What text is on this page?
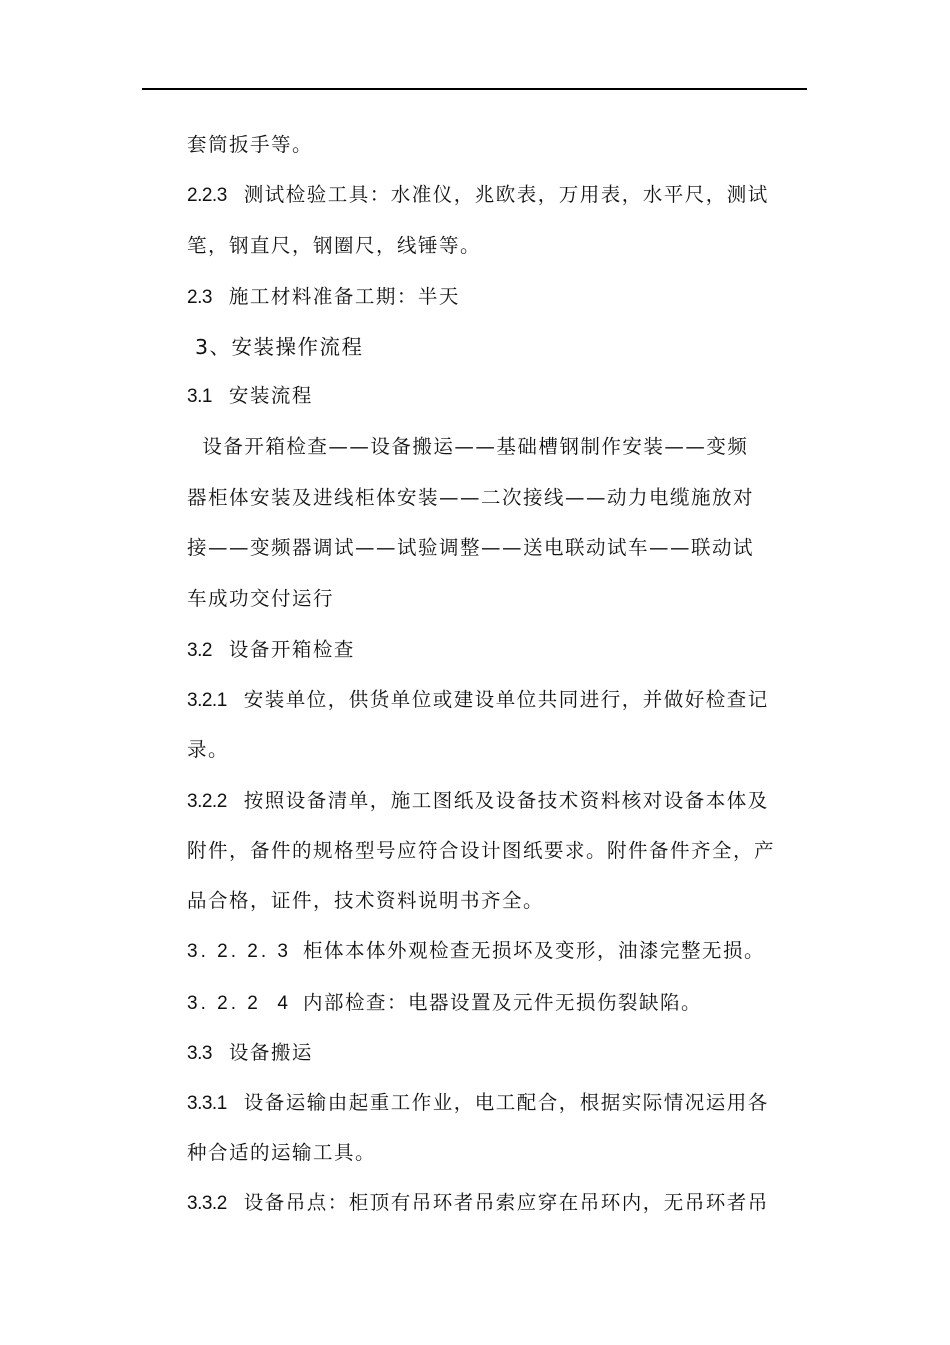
套筒扳手等。
2.2.3 测试检验工具：水准仪，兆欧表，万用表，水平尺，测试
笔，钢直尺，钢圈尺，线锤等。
2.3 施工材料准备工期：半天
3、安装操作流程
3.1 安装流程
设备开箱检查——设备搬运——基础槽钢制作安装——变频
器柜体安装及进线柜体安装——二次接线——动力电缆施放对
接——变频器调试——试验调整——送电联动试车——联动试
车成功交付运行
3.2 设备开箱检查
3.2.1 安装单位，供货单位或建设单位共同进行，并做好检查记
录。
3.2.2 按照设备清单，施工图纸及设备技术资料核对设备本体及
附件，备件的规格型号应符合设计图纸要求。附件备件齐全，产
品合格，证件，技术资料说明书齐全。
3. 2. 2. 3 柜体本体外观检查无损坏及变形，油漆完整无损。
3. 2. 2  4 内部检查：电器设置及元件无损伤裂缺陷。
3.3 设备搬运
3.3.1 设备运输由起重工作业，电工配合，根据实际情况运用各
种合适的运输工具。
3.3.2 设备吊点：柜顶有吊环者吊索应穿在吊环内，无吊环者吊
